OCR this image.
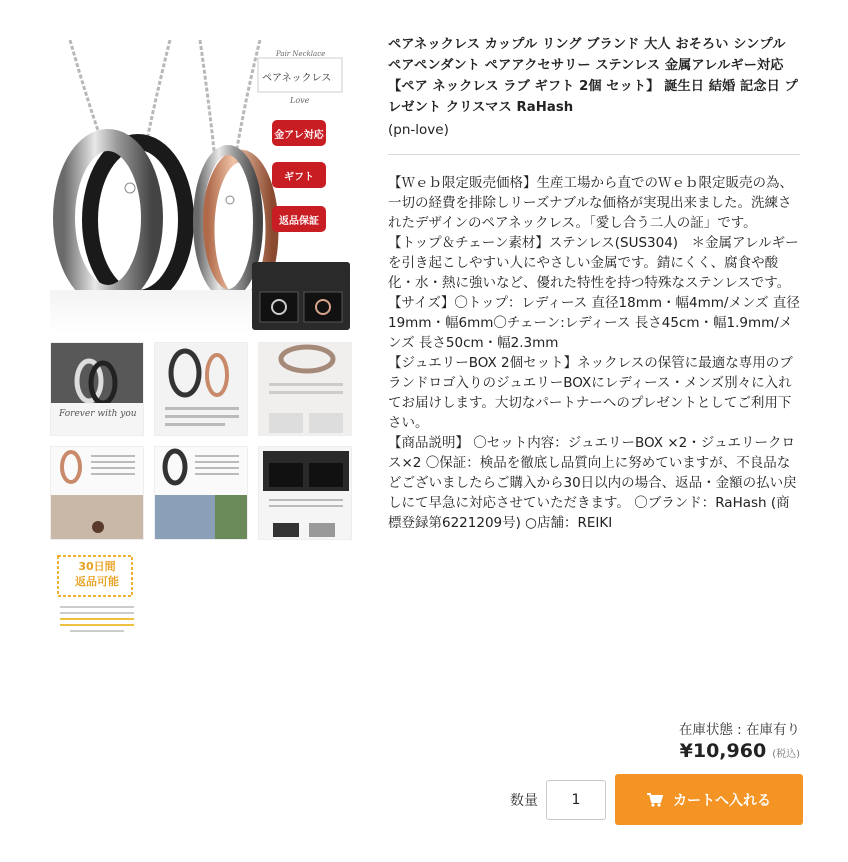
Pair Necklace
ペアネックレス
Love
金アレ対応
ギフト
返品保証
Forever with you
30日間
返品可能
ペアネックレス カップル リング ブランド 大人 おそろい シンプル ペアペンダント ペアアクセサリー ステンレス 金属アレルギー対応 【ペア ネックレス ラブ ギフト 2個 セット】 誕生日 結婚 記念日 プレゼント クリスマス RaHash
(pn-love)
【Ｗｅｂ限定販売価格】生産工場から直でのＷｅｂ限定販売の為、一切の経費を排除しリーズナブルな価格が実現出来ました。洗練されたデザインのペアネックレス。「愛し合う二人の証」です。
【トップ＆チェーン素材】ステンレス(SUS304)　＊金属アレルギーを引き起こしやすい人にやさしい金属です。錆にくく、腐食や酸化・水・熱に強いなど、優れた特性を持つ特殊なステンレスです。
【サイズ】〇トップ：レディース 直径18mm・幅4mm/メンズ 直径19mm・幅6mm〇チェーン:レディース 長さ45cm・幅1.9mm/メンズ 長さ50cm・幅2.3mm
【ジュエリーBOX 2個セット】ネックレスの保管に最適な専用のブランドロゴ入りのジュエリーBOXにレディース・メンズ別々に入れてお届けします。大切なパートナーへのプレゼントとしてご利用下さい。
【商品説明】 〇セット内容：ジュエリーBOX ×2・ジュエリークロス×2 〇保証：検品を徹底し品質向上に努めていますが、不良品などございましたらご購入から30日以内の場合、返品・金額の払い戻しにて早急に対応させていただきます。 〇ブランド：RaHash (商標登録第6221209号) ○店舗：REIKI
在庫状態 : 在庫有り
¥10,960 (税込)
数量
1	カートへ入れる
